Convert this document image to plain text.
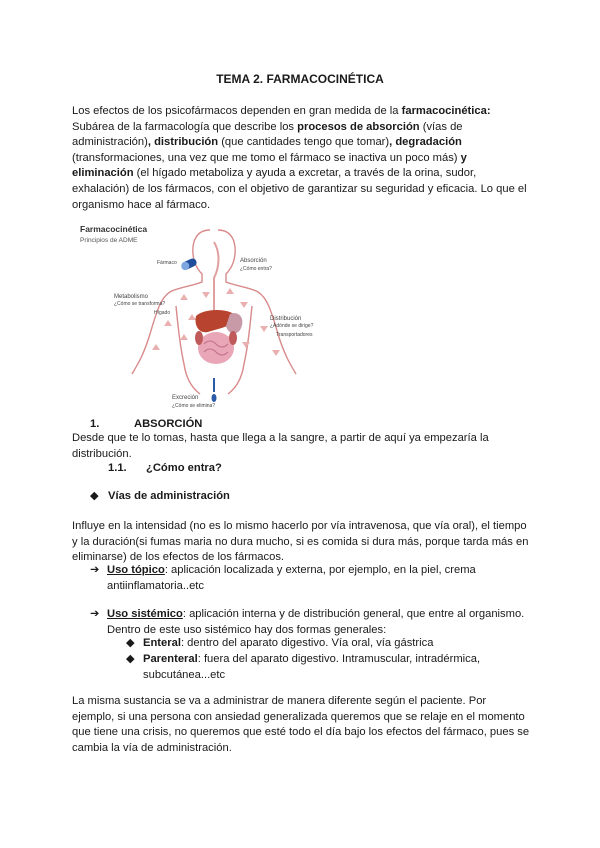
TEMA 2. FARMACOCINÉTICA
Los efectos de los psicofármacos dependen en gran medida de la farmacocinética: Subárea de la farmacología que describe los procesos de absorción (vías de administración), distribución (que cantidades tengo que tomar), degradación (transformaciones, una vez que me tomo el fármaco se inactiva un poco más) y eliminación (el hígado metaboliza y ayuda a excretar, a través de la orina, sudor, exhalación) de los fármacos, con el objetivo de garantizar su seguridad y eficacia. Lo que el organismo hace al fármaco.
Farmacocinética
Principios de ADME
Fármaco	Absorción
¿Cómo entra?
Metabolismo
¿Cómo se transforma?
Hígado
Distribución
¿Adónde se dirige?
Transportadores
Excreción
¿Cómo se elimina?
1.	ABSORCIÓN
Desde que te lo tomas, hasta que llega a la sangre, a partir de aquí ya empezaría la distribución.
1.1. ¿Cómo entra?
◆ Vías de administración
Influye en la intensidad (no es lo mismo hacerlo por vía intravenosa, que vía oral), el tiempo y la duración(si fumas maria no dura mucho, si es comida si dura más, porque tarda más en eliminarse) de los efectos de los fármacos.
➔ Uso tópico: aplicación localizada y externa, por ejemplo, en la piel, crema antiinflamatoria..etc
➔ Uso sistémico: aplicación interna y de distribución general, que entre al organismo. Dentro de este uso sistémico hay dos formas generales:
◆ Enteral: dentro del aparato digestivo. Vía oral, vía gástrica
◆ Parenteral: fuera del aparato digestivo. Intramuscular, intradérmica, subcutánea...etc
La misma sustancia se va a administrar de manera diferente según el paciente. Por ejemplo, si una persona con ansiedad generalizada queremos que se relaje en el momento que tiene una crisis, no queremos que esté todo el día bajo los efectos del fármaco, pues se cambia la vía de administración.
